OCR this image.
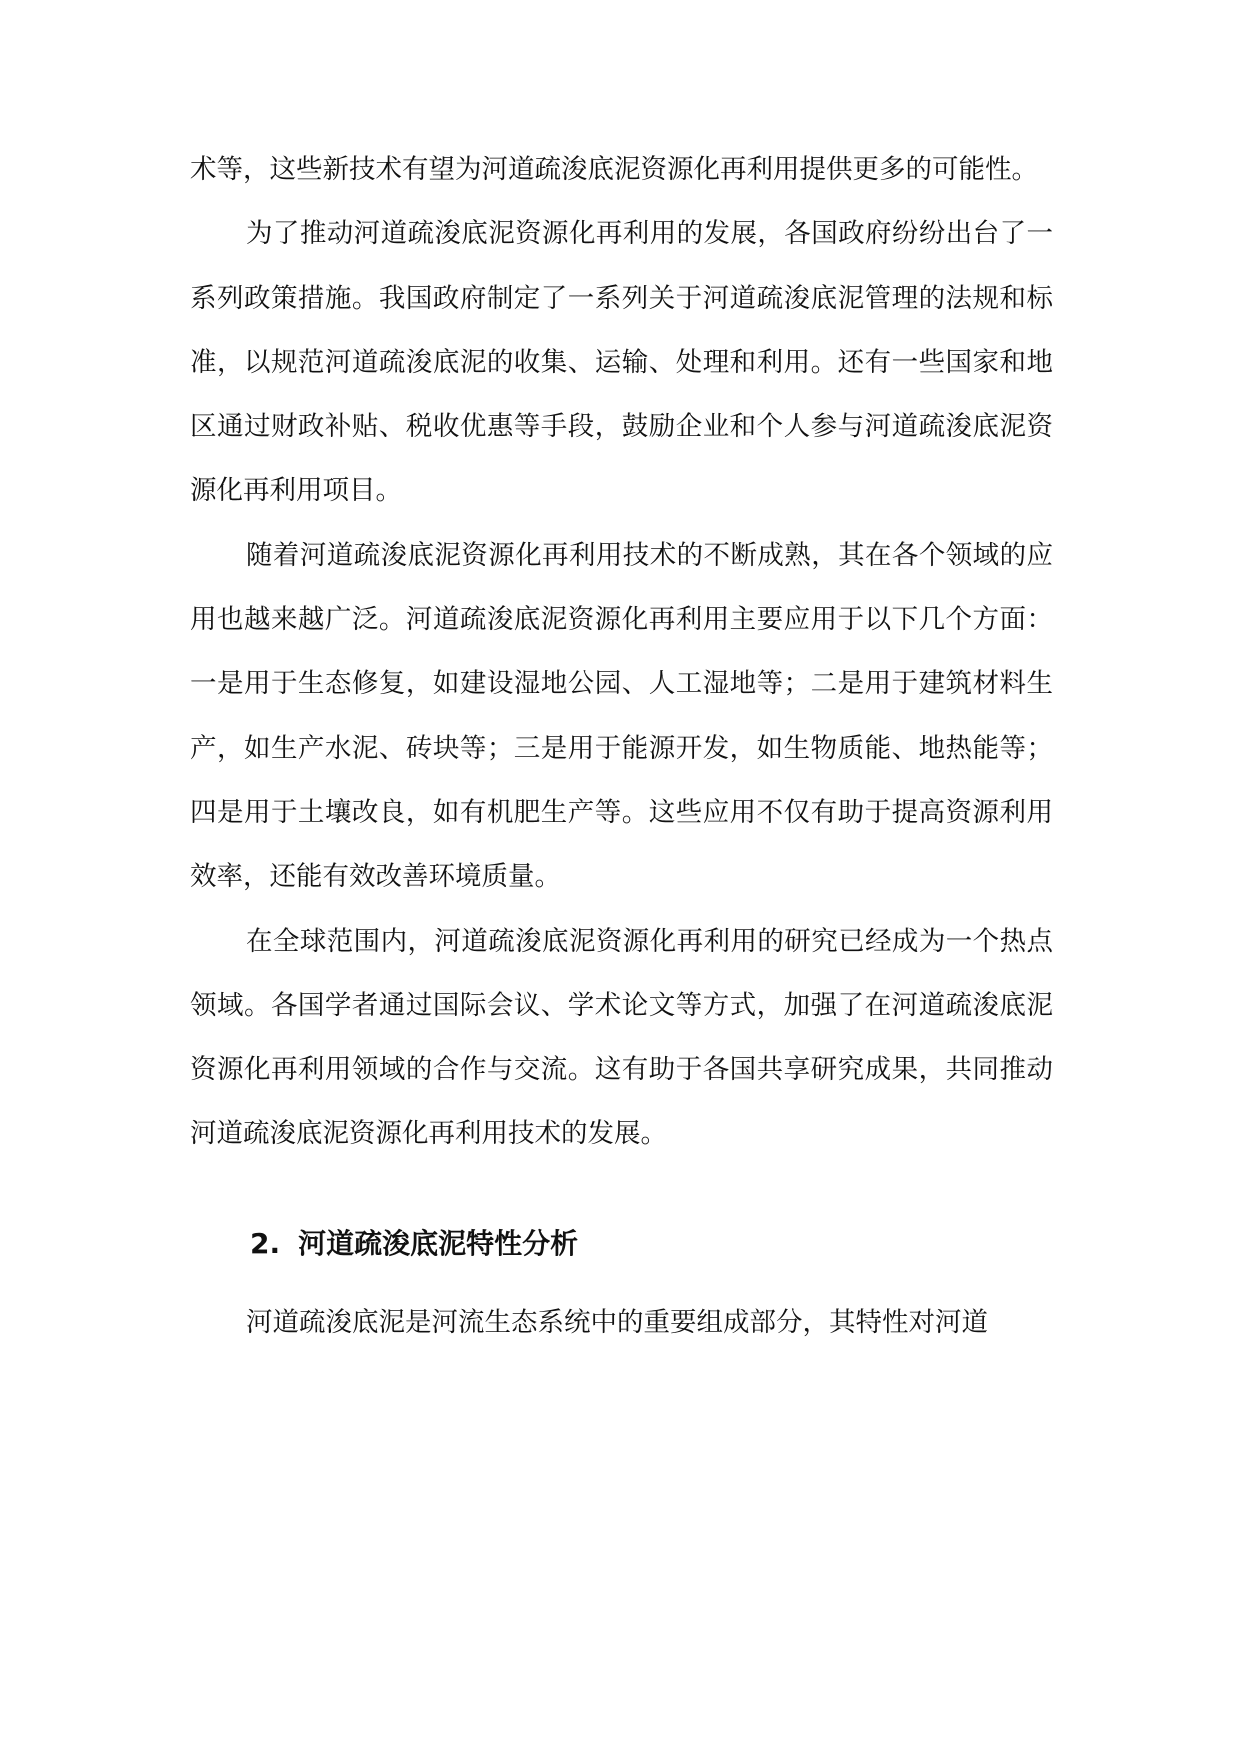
术等，这些新技术有望为河道疏浚底泥资源化再利用提供更多的可能性。

为了推动河道疏浚底泥资源化再利用的发展，各国政府纷纷出台了一系列政策措施。我国政府制定了一系列关于河道疏浚底泥管理的法规和标准，以规范河道疏浚底泥的收集、运输、处理和利用。还有一些国家和地区通过财政补贴、税收优惠等手段，鼓励企业和个人参与河道疏浚底泥资源化再利用项目。

随着河道疏浚底泥资源化再利用技术的不断成熟，其在各个领域的应用也越来越广泛。河道疏浚底泥资源化再利用主要应用于以下几个方面：一是用于生态修复，如建设湿地公园、人工湿地等；二是用于建筑材料生产，如生产水泥、砖块等；三是用于能源开发，如生物质能、地热能等；四是用于土壤改良，如有机肥生产等。这些应用不仅有助于提高资源利用效率，还能有效改善环境质量。

在全球范围内，河道疏浚底泥资源化再利用的研究已经成为一个热点领域。各国学者通过国际会议、学术论文等方式，加强了在河道疏浚底泥资源化再利用领域的合作与交流。这有助于各国共享研究成果，共同推动河道疏浚底泥资源化再利用技术的发展。

2. 河道疏浚底泥特性分析

河道疏浚底泥是河流生态系统中的重要组成部分，其特性对河道
